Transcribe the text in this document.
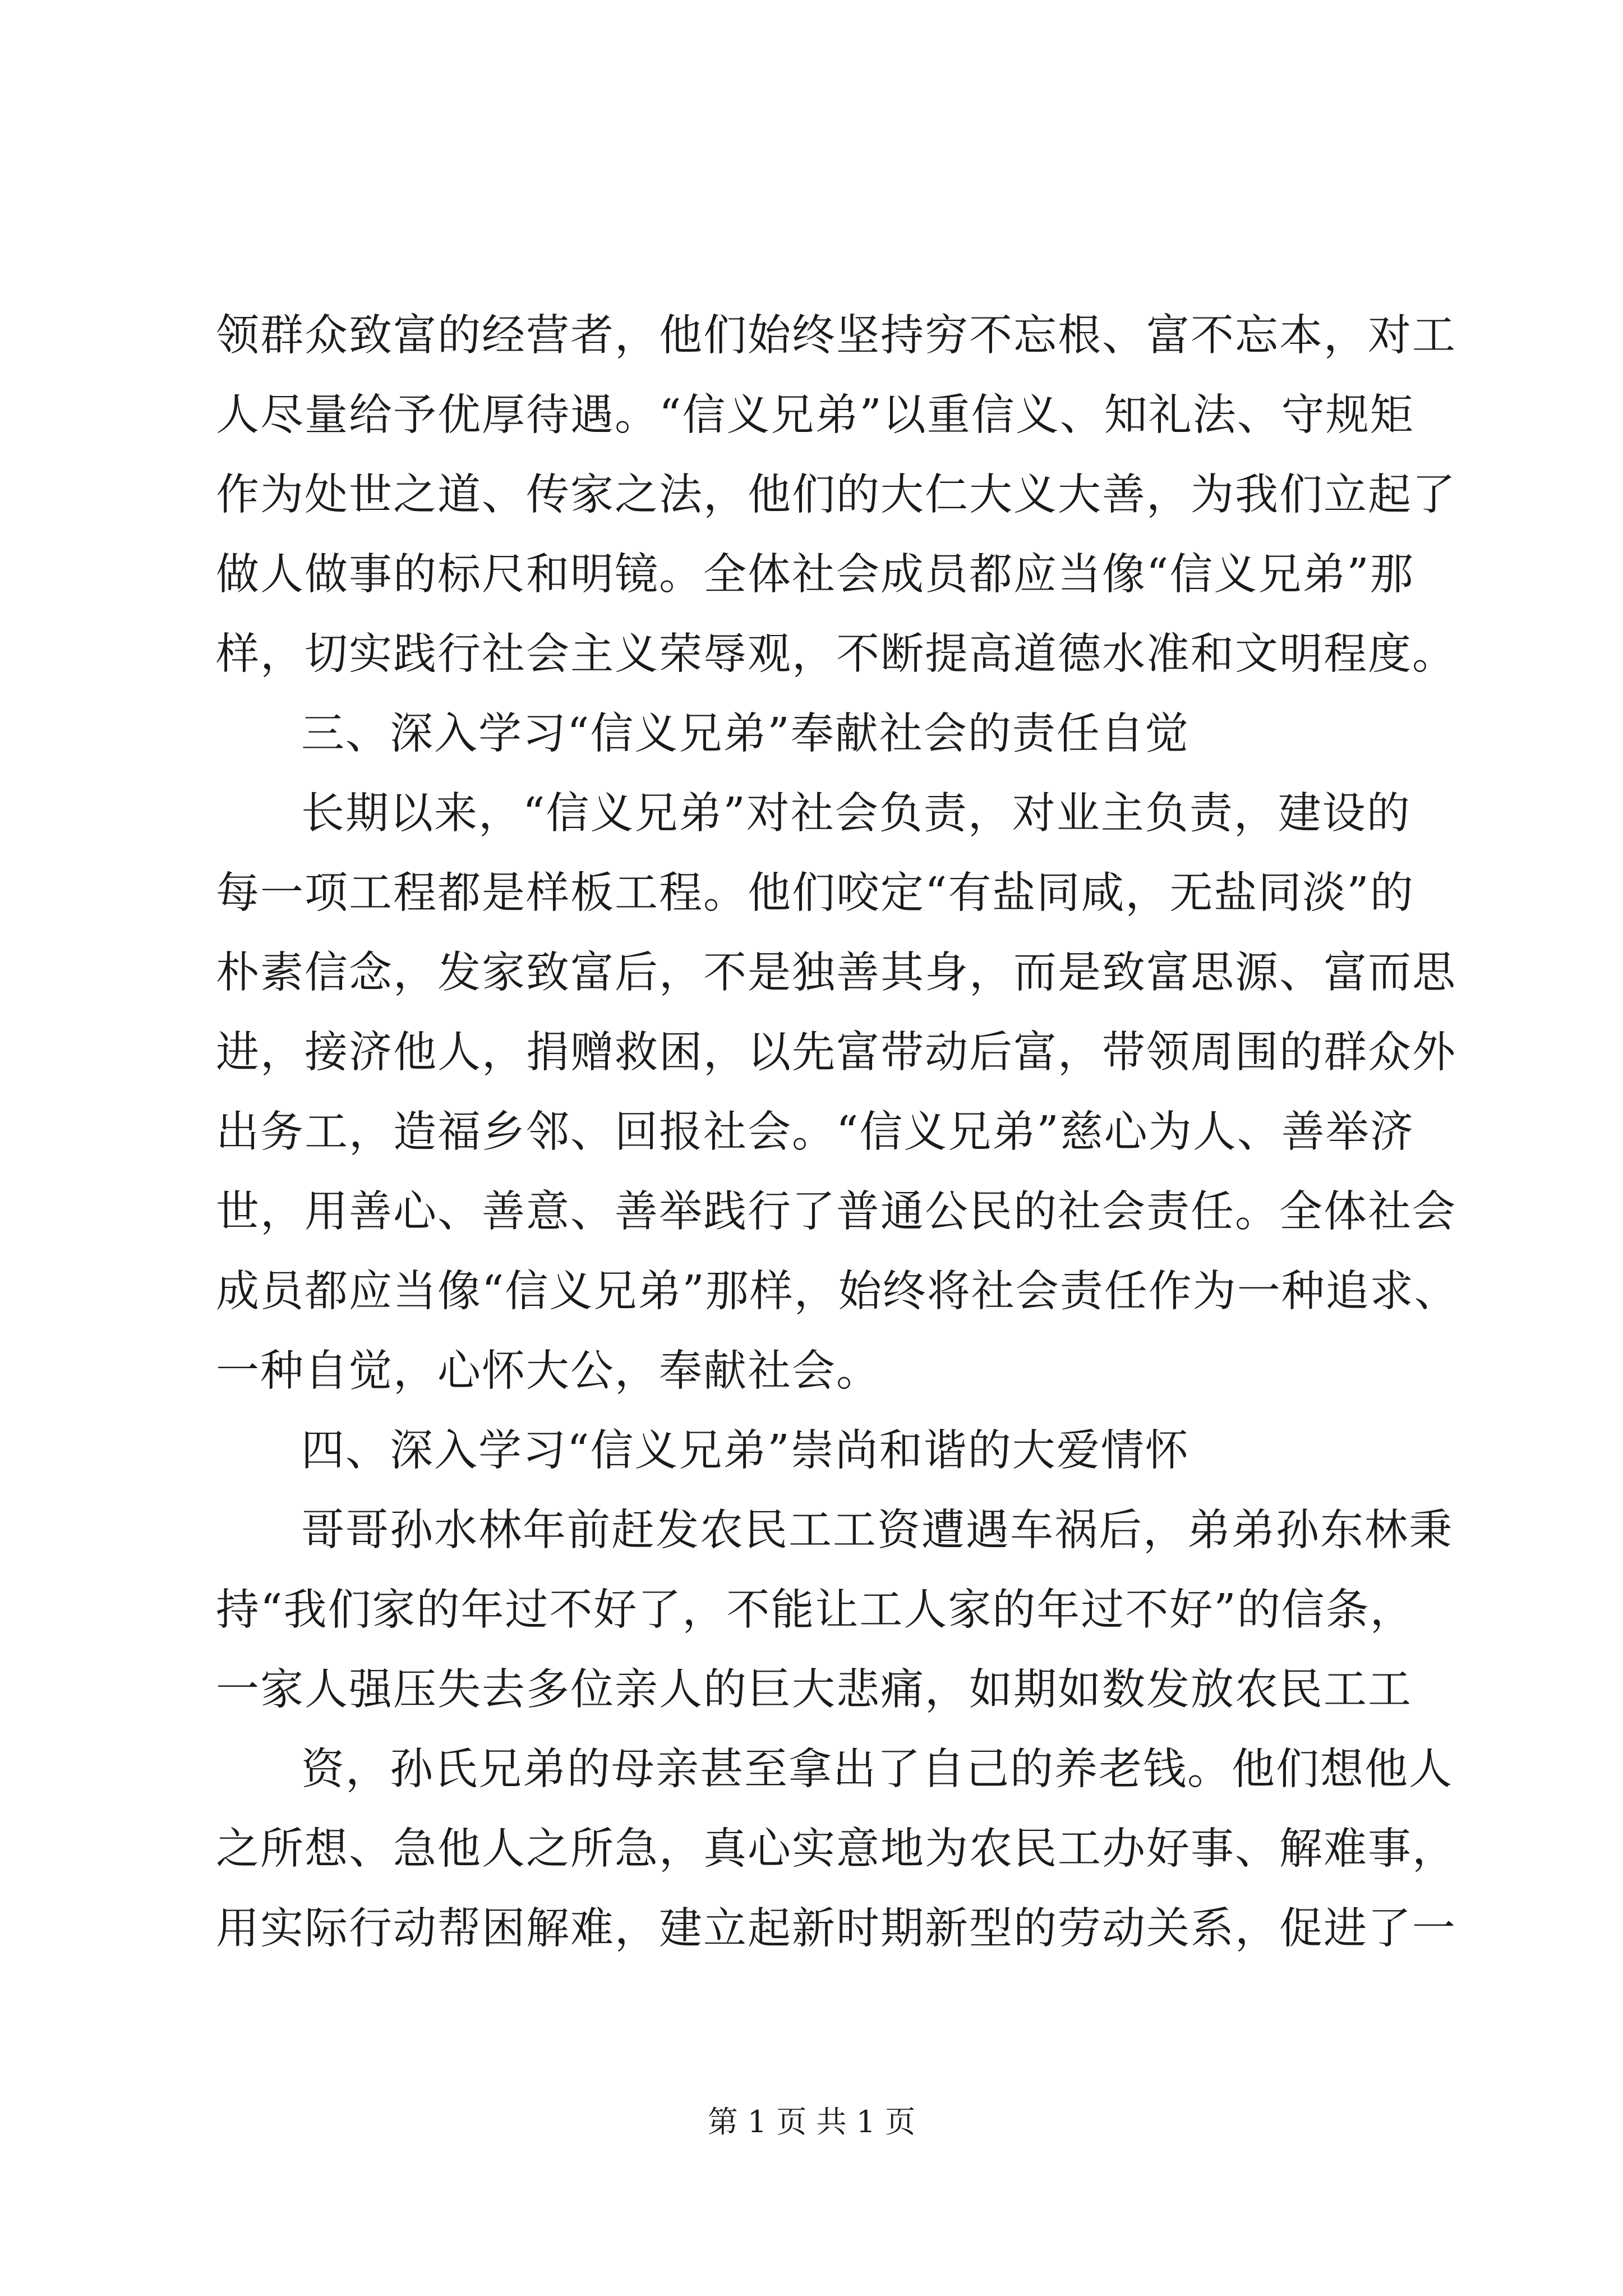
领群众致富的经营者，他们始终坚持穷不忘根、富不忘本，对工
人尽量给予优厚待遇。“信义兄弟”以重信义、知礼法、守规矩
作为处世之道、传家之法，他们的大仁大义大善，为我们立起了
做人做事的标尺和明镜。全体社会成员都应当像“信义兄弟”那
样，切实践行社会主义荣辱观，不断提高道德水准和文明程度。
三、深入学习“信义兄弟”奉献社会的责任自觉
长期以来，“信义兄弟”对社会负责，对业主负责，建设的
每一项工程都是样板工程。他们咬定“有盐同咸，无盐同淡”的
朴素信念，发家致富后，不是独善其身，而是致富思源、富而思
进，接济他人，捐赠救困，以先富带动后富，带领周围的群众外
出务工，造福乡邻、回报社会。“信义兄弟”慈心为人、善举济
世，用善心、善意、善举践行了普通公民的社会责任。全体社会
成员都应当像“信义兄弟”那样，始终将社会责任作为一种追求、
一种自觉，心怀大公，奉献社会。
四、深入学习“信义兄弟”崇尚和谐的大爱情怀
哥哥孙水林年前赶发农民工工资遭遇车祸后，弟弟孙东林秉
持“我们家的年过不好了，不能让工人家的年过不好”的信条，
一家人强压失去多位亲人的巨大悲痛，如期如数发放农民工工
资，孙氏兄弟的母亲甚至拿出了自己的养老钱。他们想他人
之所想、急他人之所急，真心实意地为农民工办好事、解难事，
用实际行动帮困解难，建立起新时期新型的劳动关系，促进了一
第 1 页 共 1 页
